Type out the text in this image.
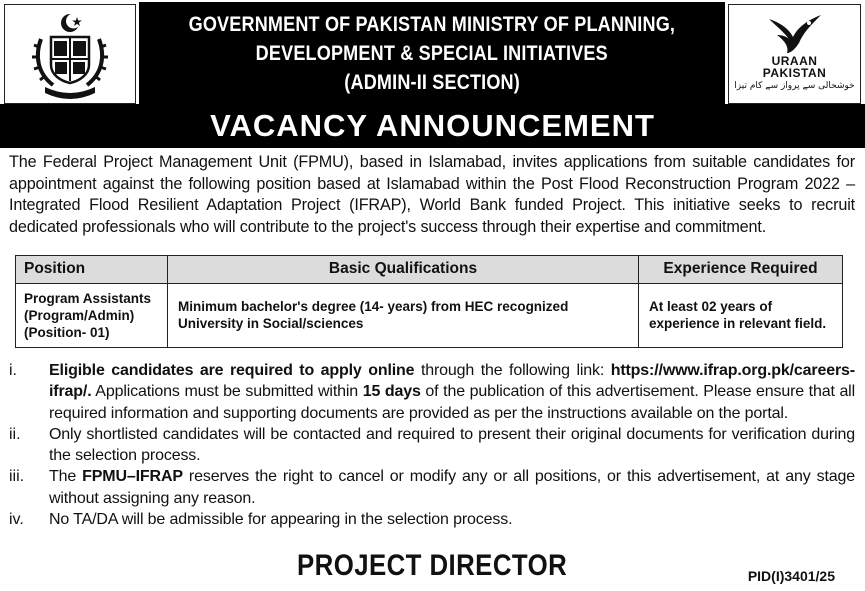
GOVERNMENT OF PAKISTAN MINISTRY OF PLANNING,
DEVELOPMENT & SPECIAL INITIATIVES
(ADMIN-II SECTION)
URAAN
PAKISTAN
خوشحالی سے پرواز سے کام تیزا
VACANCY ANNOUNCEMENT

The Federal Project Management Unit (FPMU), based in Islamabad, invites applications from suitable candidates for appointment against the following position based at Islamabad within the Post Flood Reconstruction Program 2022 – Integrated Flood Resilient Adaptation Project (IFRAP), World Bank funded Project. This initiative seeks to recruit dedicated professionals who will contribute to the project's success through their expertise and commitment.

Position	Basic Qualifications	Experience Required

Program Assistants
(Program/Admin)
(Position- 01)	Minimum bachelor's degree (14- years) from HEC recognized University in Social/sciences	At least 02 years of experience in relevant field.
i.	Eligible candidates are required to apply online through the following link: https://www.ifrap.org.pk/careers-ifrap/. Applications must be submitted within 15 days of the publication of this advertisement. Please ensure that all required information and supporting documents are provided as per the instructions available on the portal.
ii.	Only shortlisted candidates will be contacted and required to present their original documents for verification during the selection process.
iii.	The FPMU–IFRAP reserves the right to cancel or modify any or all positions, or this advertisement, at any stage without assigning any reason.
iv.	No TA/DA will be admissible for appearing in the selection process.
PROJECT DIRECTOR	PID(I)3401/25
